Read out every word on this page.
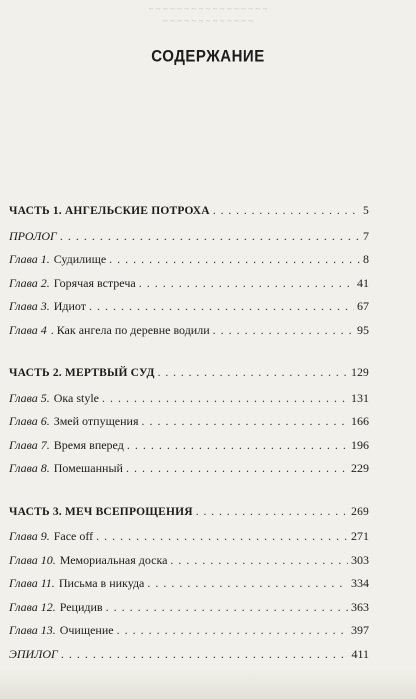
~ ~ ~ ~ ~ ~ ~ ~ ~ ~ ~ ~ ~ ~ ~ ~ ~
~ ~ ~ ~ ~ ~ ~ ~ ~ ~ ~ ~ ~
СОДЕРЖАНИЕ
ЧАСТЬ 1. АНГЕЛЬСКИЕ ПОТРОХА . . .	5
ПРОЛОГ . . .	7
Глава 1. Судилище . . .	8
Глава 2. Горячая встреча . . .	41
Глава 3. Идиот . . .	67
Глава 4 . Как ангела по деревне водили . . .	95
ЧАСТЬ 2. МЕРТВЫЙ СУД . . .	129
Глава 5. Ока style . . .	131
Глава 6. Змей отпущения . . .	166
Глава 7. Время вперед . . .	196
Глава 8. Помешанный . . .	229
ЧАСТЬ 3. МЕЧ ВСЕПРОЩЕНИЯ . . .	269
Глава 9. Face off . . .	271
Глава 10. Мемориальная доска . . .	303
Глава 11. Письма в никуда . . .	334
Глава 12. Рецидив . . .	363
Глава 13. Очищение . . .	397
ЭПИЛОГ . . .	411
